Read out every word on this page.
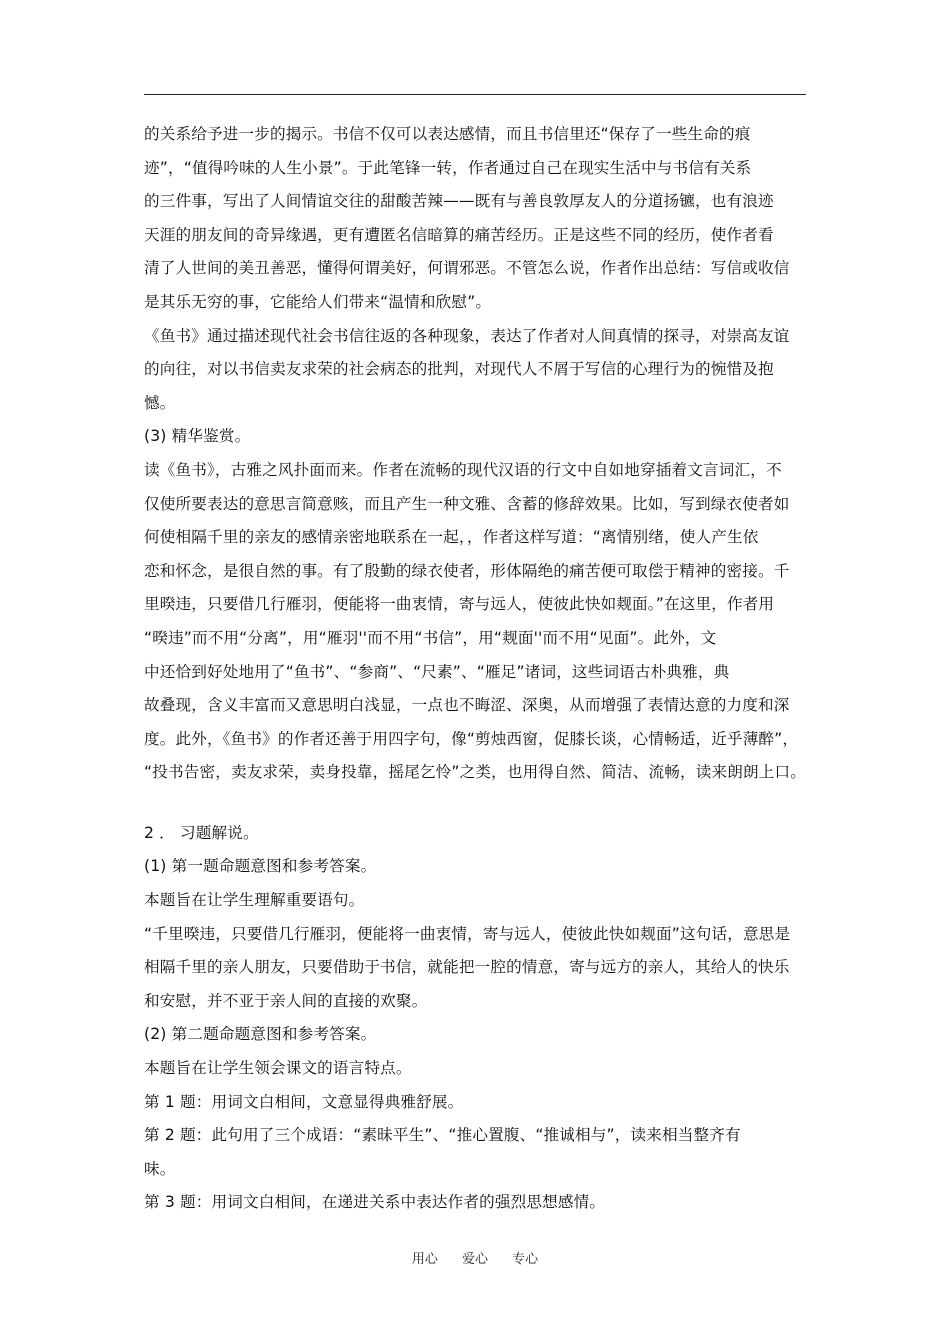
的关系给予进一步的揭示。书信不仅可以表达感情，而且书信里还“保存了一些生命的痕
迹”，“值得吟味的人生小景”。于此笔锋一转，作者通过自己在现实生活中与书信有关系
的三件事，写出了人间情谊交往的甜酸苦辣——既有与善良敦厚友人的分道扬镳，也有浪迹
天涯的朋友间的奇异缘遇，更有遭匿名信暗算的痛苦经历。正是这些不同的经历，使作者看
清了人世间的美丑善恶，懂得何谓美好，何谓邪恶。不管怎么说，作者作出总结：写信或收信
是其乐无穷的事，它能给人们带来“温情和欣慰”。
《鱼书》通过描述现代社会书信往返的各种现象，表达了作者对人间真情的探寻，对崇高友谊
的向往，对以书信卖友求荣的社会病态的批判，对现代人不屑于写信的心理行为的惋惜及抱
憾。
(3) 精华鉴赏。
读《鱼书》，古雅之风扑面而来。作者在流畅的现代汉语的行文中自如地穿插着文言词汇，不
仅使所要表达的意思言简意赅，而且产生一种文雅、含蓄的修辞效果。比如，写到绿衣使者如
何使相隔千里的亲友的感情亲密地联系在一起，，作者这样写道：“离情别绪，使人产生依
恋和怀念，是很自然的事。有了殷勤的绿衣使者，形体隔绝的痛苦便可取偿于精神的密接。千
里暌违，只要借几行雁羽，便能将一曲衷情，寄与远人，使彼此快如觌面。”在这里，作者用
“暌违”而不用“分离”，用“雁羽''而不用“书信”，用“觌面''而不用“见面”。此外，文
中还恰到好处地用了“鱼书”、“参商”、“尺素”、“雁足”诸词，这些词语古朴典雅，典
故叠现，含义丰富而又意思明白浅显，一点也不晦涩、深奥，从而增强了表情达意的力度和深
度。此外，《鱼书》的作者还善于用四字句，像“剪烛西窗，促膝长谈，心情畅适，近乎薄醉”，
“投书告密，卖友求荣，卖身投靠，摇尾乞怜”之类，也用得自然、简洁、流畅，读来朗朗上口。
2 ． 习题解说。
(1) 第一题命题意图和参考答案。
本题旨在让学生理解重要语句。
“千里暌违，只要借几行雁羽，便能将一曲衷情，寄与远人，使彼此快如觌面”这句话，意思是
相隔千里的亲人朋友，只要借助于书信，就能把一腔的情意，寄与远方的亲人，其给人的快乐
和安慰，并不亚于亲人间的直接的欢聚。
(2) 第二题命题意图和参考答案。
本题旨在让学生领会课文的语言特点。
第 1 题：用词文白相间，文意显得典雅舒展。
第 2 题：此句用了三个成语：“素昧平生”、“推心置腹、“推诚相与”，读来相当整齐有
味。
第 3 题：用词文白相间，在递进关系中表达作者的强烈思想感情。
用心 爱心 专心
